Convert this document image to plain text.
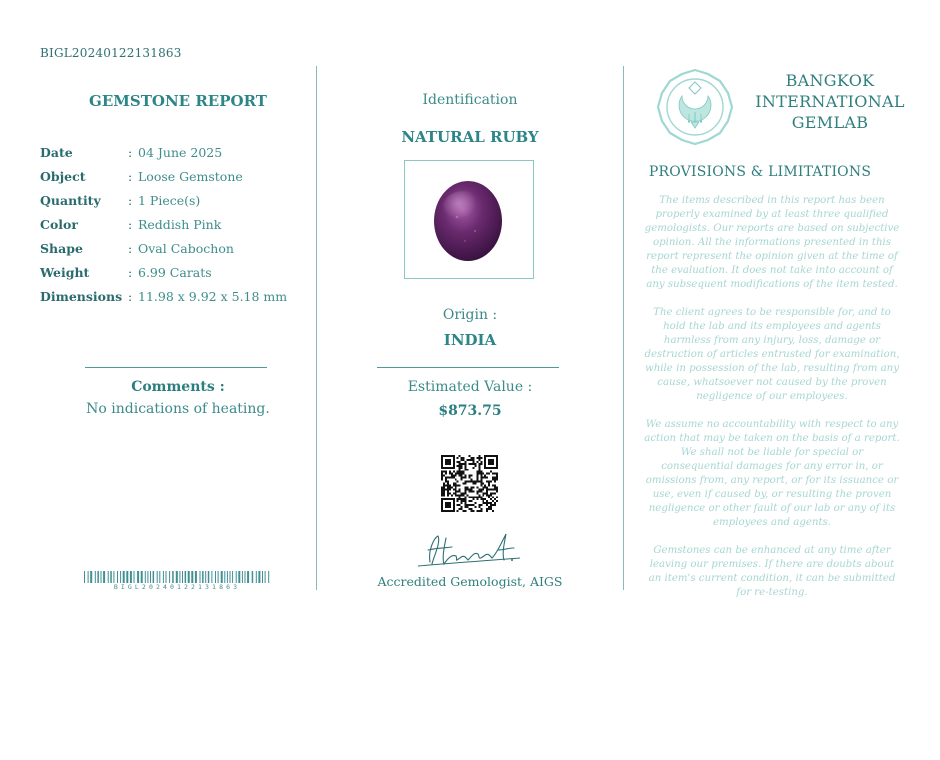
BIGL20240122131863
GEMSTONE REPORT
Date	: 04 June 2025
Object	: Loose Gemstone
Quantity	: 1 Piece(s)
Color	: Reddish Pink
Shape	: Oval Cabochon
Weight	: 6.99 Carats
Dimensions : 11.98 x 9.92 x 5.18 mm
Comments :
No indications of heating.
BIGL20240122131863
Identification
NATURAL RUBY
Origin :
INDIA
Estimated Value :
$873.75
Accredited Gemologist, AIGS
BANGKOK
INTERNATIONAL
GEMLAB
PROVISIONS & LIMITATIONS

The items described in this report has been properly examined by at least three qualified gemologists. Our reports are based on subjective opinion. All the informations presented in this report represent the opinion given at the time of the evaluation. It does not take into account of any subsequent modifications of the item tested.

The client agrees to be responsible for, and to hold the lab and its employees and agents harmless from any injury, loss, damage or destruction of articles entrusted for examination, while in possession of the lab, resulting from any cause, whatsoever not caused by the proven negligence of our employees.

We assume no accountability with respect to any action that may be taken on the basis of a report. We shall not be liable for special or consequential damages for any error in, or omissions from, any report, or for its issuance or use, even if caused by, or resulting the proven negligence or other fault of our lab or any of its employees and agents.

Gemstones can be enhanced at any time after leaving our premises. If there are doubts about an item's current condition, it can be submitted for re-testing.
